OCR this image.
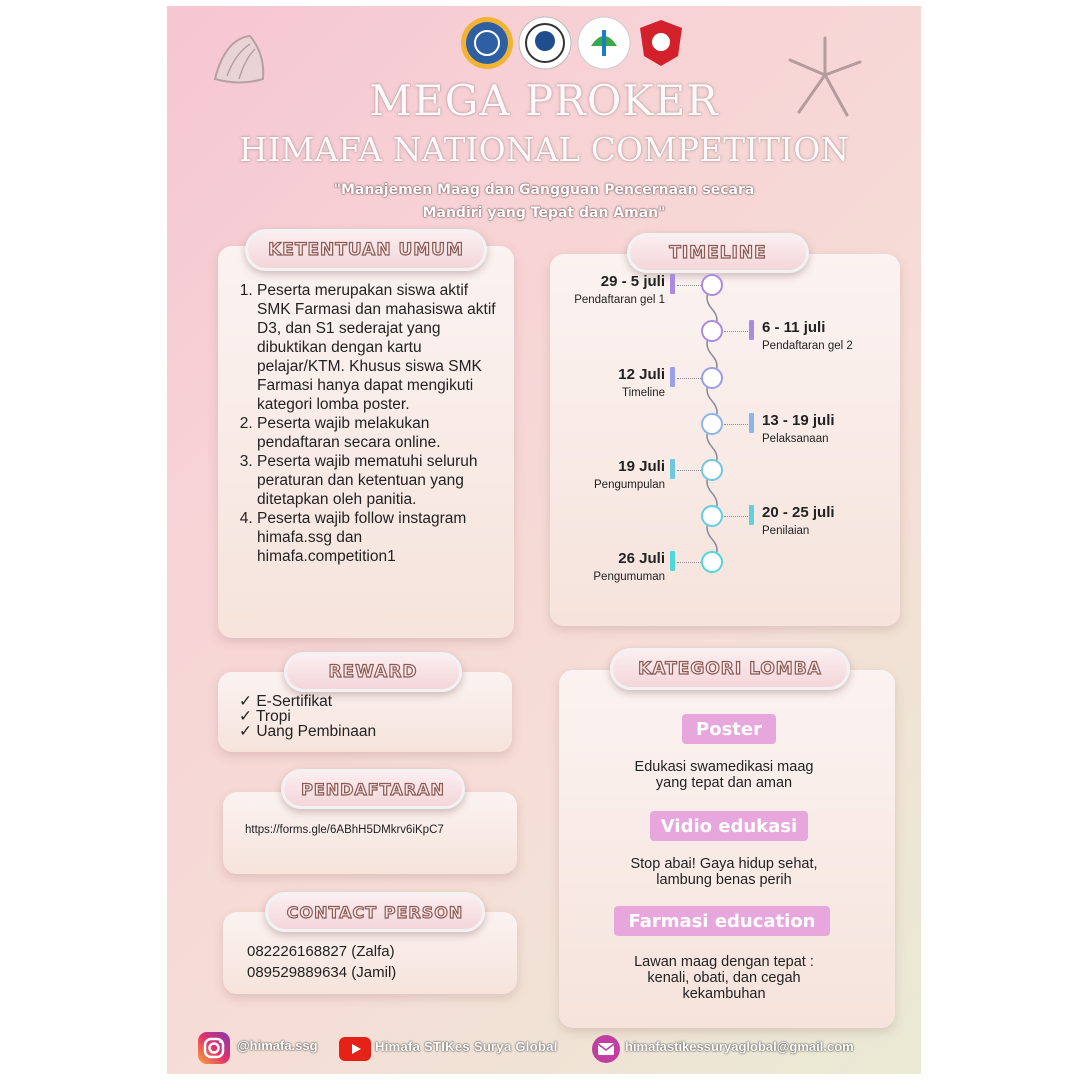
MEGA PROKER
HIMAFA NATIONAL COMPETITION
"Manajemen Maag dan Gangguan Pencernaan secara
Mandiri yang Tepat dan Aman"
KETENTUAN UMUM
1. Peserta merupakan siswa aktif SMK Farmasi dan mahasiswa aktif D3, dan S1 sederajat yang dibuktikan dengan kartu pelajar/KTM. Khusus siswa SMK Farmasi hanya dapat mengikuti kategori lomba poster.
2. Peserta wajib melakukan pendaftaran secara online.
3. Peserta wajib mematuhi seluruh peraturan dan ketentuan yang ditetapkan oleh panitia.
4. Peserta wajib follow instagram himafa.ssg dan himafa.competition1
TIMELINE
29 - 5 juli
Pendaftaran gel 1
6 - 11 juli
Pendaftaran gel 2
12 Juli
Timeline
13 - 19 juli
Pelaksanaan
19 Juli
Pengumpulan
20 - 25 juli
Penilaian
26 Juli
Pengumuman
REWARD
✓ E-Sertifikat
✓ Tropi
✓ Uang Pembinaan
PENDAFTARAN
https://forms.gle/6ABhH5DMkrv6iKpC7
CONTACT PERSON
082226168827 (Zalfa)
089529889634 (Jamil)
KATEGORI LOMBA
Poster
Edukasi swamedikasi maag
yang tepat dan aman
Vidio edukasi
Stop abai! Gaya hidup sehat,
lambung benas perih
Farmasi education
Lawan maag dengan tepat :
kenali, obati, dan cegah
kekambuhan
@himafa.ssg	Himafa STIKes Surya Global	himafastikessuryaglobal@gmail.com
